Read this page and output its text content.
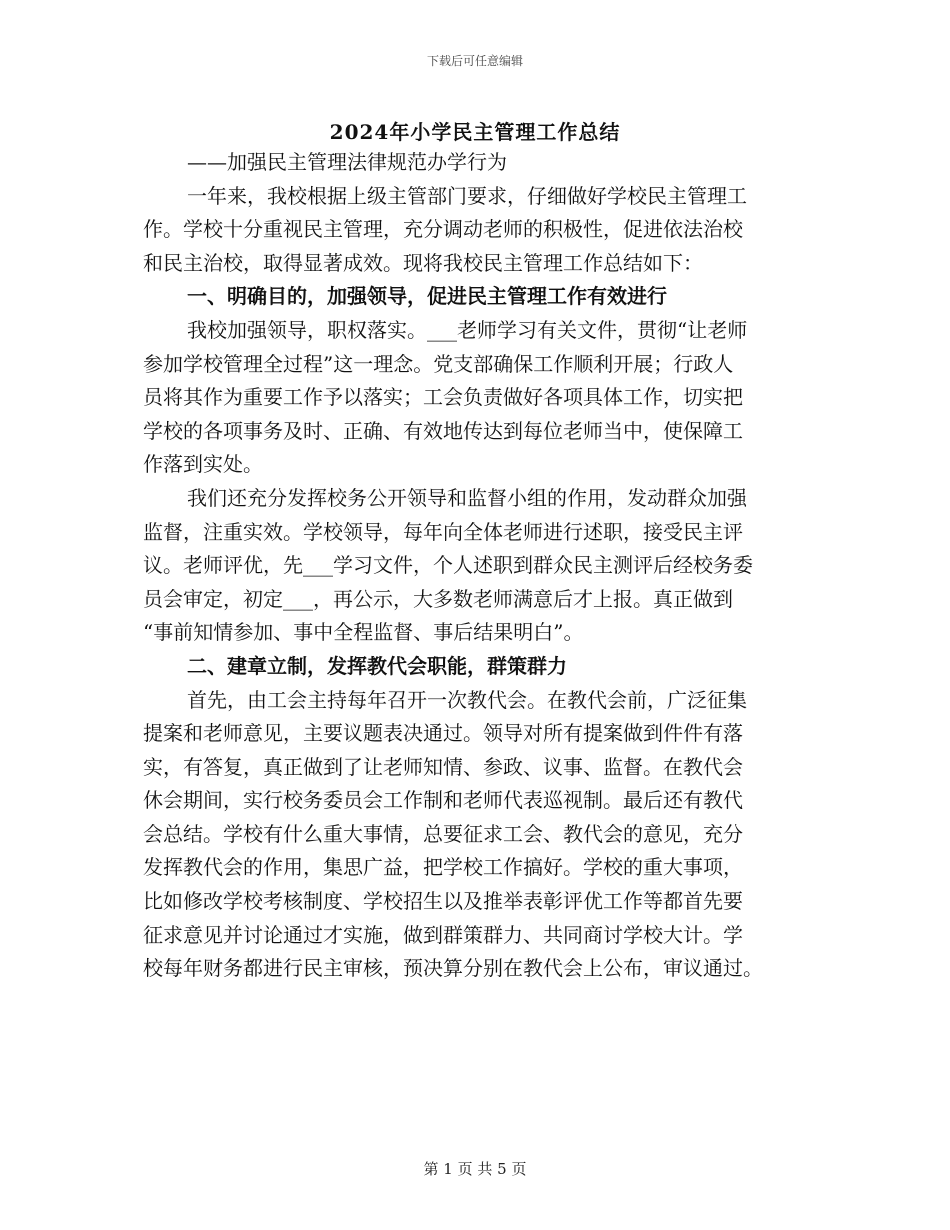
下载后可任意编辑
2024年小学民主管理工作总结
——加强民主管理法律规范办学行为
一年来，我校根据上级主管部门要求，仔细做好学校民主管理工
作。学校十分重视民主管理，充分调动老师的积极性，促进依法治校
和民主治校，取得显著成效。现将我校民主管理工作总结如下：
一、明确目的，加强领导，促进民主管理工作有效进行
我校加强领导，职权落实。___老师学习有关文件，贯彻“让老师
参加学校管理全过程”这一理念。党支部确保工作顺利开展；行政人
员将其作为重要工作予以落实；工会负责做好各项具体工作，切实把
学校的各项事务及时、正确、有效地传达到每位老师当中，使保障工
作落到实处。
我们还充分发挥校务公开领导和监督小组的作用，发动群众加强
监督，注重实效。学校领导，每年向全体老师进行述职，接受民主评
议。老师评优，先___学习文件，个人述职到群众民主测评后经校务委
员会审定，初定___，再公示，大多数老师满意后才上报。真正做到
“事前知情参加、事中全程监督、事后结果明白”。
二、建章立制，发挥教代会职能，群策群力
首先，由工会主持每年召开一次教代会。在教代会前，广泛征集
提案和老师意见，主要议题表决通过。领导对所有提案做到件件有落
实，有答复，真正做到了让老师知情、参政、议事、监督。在教代会
休会期间，实行校务委员会工作制和老师代表巡视制。最后还有教代
会总结。学校有什么重大事情，总要征求工会、教代会的意见，充分
发挥教代会的作用，集思广益，把学校工作搞好。学校的重大事项，
比如修改学校考核制度、学校招生以及推举表彰评优工作等都首先要
征求意见并讨论通过才实施，做到群策群力、共同商讨学校大计。学
校每年财务都进行民主审核，预决算分别在教代会上公布，审议通过。
第 1 页 共 5 页
